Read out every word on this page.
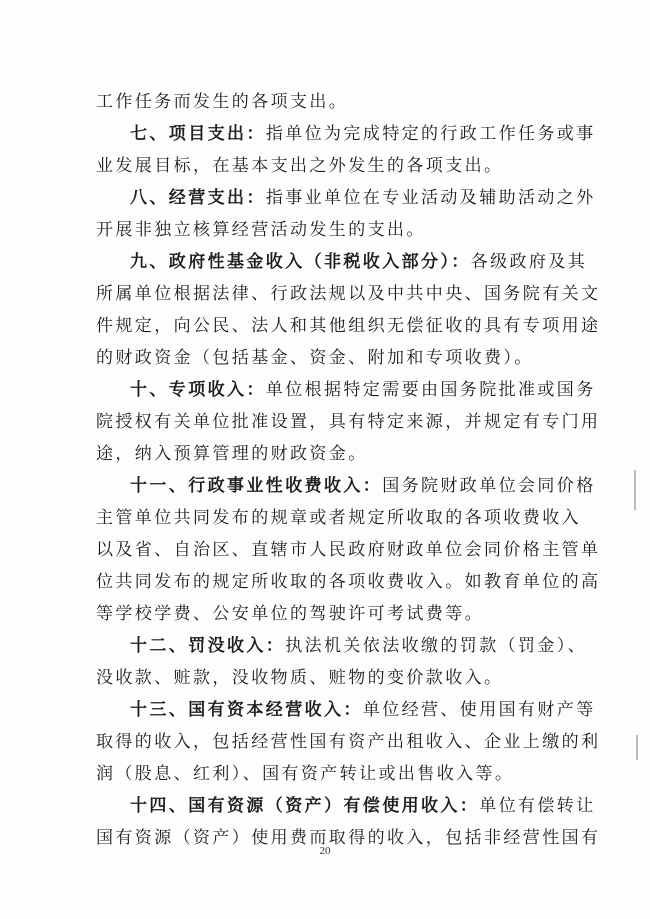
工作任务而发生的各项支出。
七、项目支出：指单位为完成特定的行政工作任务或事
业发展目标，在基本支出之外发生的各项支出。
八、经营支出：指事业单位在专业活动及辅助活动之外
开展非独立核算经营活动发生的支出。
九、政府性基金收入（非税收入部分）：各级政府及其
所属单位根据法律、行政法规以及中共中央、国务院有关文
件规定，向公民、法人和其他组织无偿征收的具有专项用途
的财政资金（包括基金、资金、附加和专项收费）。
十、专项收入：单位根据特定需要由国务院批准或国务
院授权有关单位批准设置，具有特定来源，并规定有专门用
途，纳入预算管理的财政资金。
十一、行政事业性收费收入：国务院财政单位会同价格
主管单位共同发布的规章或者规定所收取的各项收费收入
以及省、自治区、直辖市人民政府财政单位会同价格主管单
位共同发布的规定所收取的各项收费收入。如教育单位的高
等学校学费、公安单位的驾驶许可考试费等。
十二、罚没收入：执法机关依法收缴的罚款（罚金）、
没收款、赃款，没收物质、赃物的变价款收入。
十三、国有资本经营收入：单位经营、使用国有财产等
取得的收入，包括经营性国有资产出租收入、企业上缴的利
润（股息、红利）、国有资产转让或出售收入等。
十四、国有资源（资产）有偿使用收入：单位有偿转让
国有资源（资产）使用费而取得的收入，包括非经营性国有
20
